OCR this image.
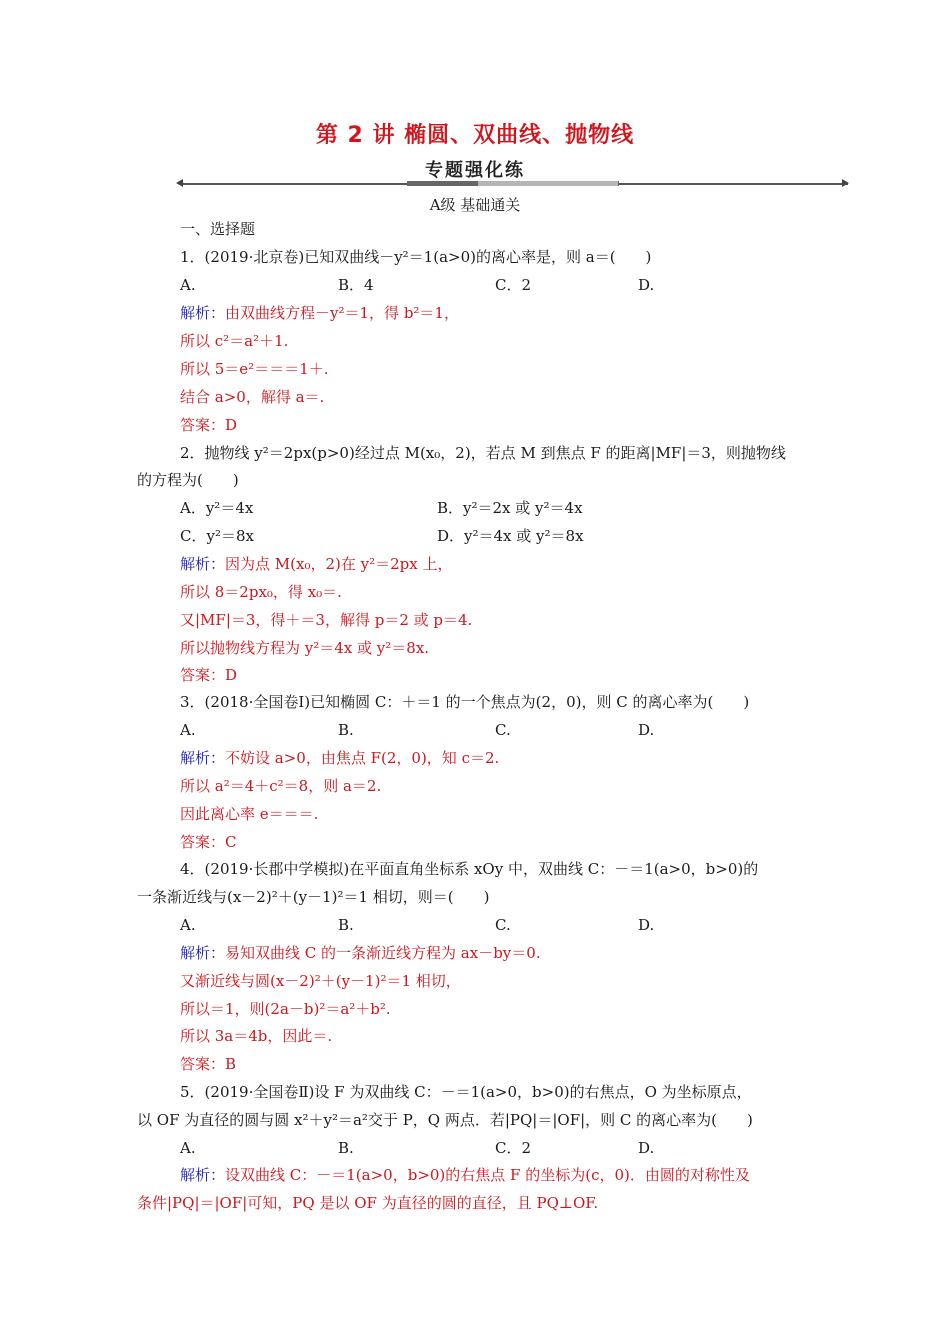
第 2 讲 椭圆、双曲线、抛物线
专题强化练
A级 基础通关
一、选择题
1．(2019·北京卷)已知双曲线－y²＝1(a>0)的离心率是，则 a＝(　　)
A.	B．4	C．2	D.
解析：由双曲线方程－y²＝1，得 b²＝1，
所以 c²＝a²＋1.
所以 5＝e²＝＝＝1＋.
结合 a>0，解得 a＝.
答案：D
2．抛物线 y²＝2px(p>0)经过点 M(x₀，2)，若点 M 到焦点 F 的距离|MF|＝3，则抛物线
的方程为(　　)
A．y²＝4x	B．y²＝2x 或 y²＝4x
C．y²＝8x	D．y²＝4x 或 y²＝8x
解析：因为点 M(x₀，2)在 y²＝2px 上，
所以 8＝2px₀，得 x₀＝.
又|MF|＝3，得＋＝3，解得 p＝2 或 p＝4.
所以抛物线方程为 y²＝4x 或 y²＝8x.
答案：D
3．(2018·全国卷Ⅰ)已知椭圆 C：＋＝1 的一个焦点为(2，0)，则 C 的离心率为(　　)
A.	B.	C.	D.
解析：不妨设 a>0，由焦点 F(2，0)，知 c＝2.
所以 a²＝4＋c²＝8，则 a＝2.
因此离心率 e＝＝＝.
答案：C
4．(2019·长郡中学模拟)在平面直角坐标系 xOy 中，双曲线 C：－＝1(a>0，b>0)的
一条渐近线与(x－2)²＋(y－1)²＝1 相切，则＝(　　)
A.	B.	C.	D.
解析：易知双曲线 C 的一条渐近线方程为 ax－by＝0.
又渐近线与圆(x－2)²＋(y－1)²＝1 相切，
所以＝1，则(2a－b)²＝a²＋b².
所以 3a＝4b，因此＝.
答案：B
5．(2019·全国卷Ⅱ)设 F 为双曲线 C：－＝1(a>0，b>0)的右焦点，O 为坐标原点，
以 OF 为直径的圆与圆 x²＋y²＝a²交于 P，Q 两点．若|PQ|＝|OF|，则 C 的离心率为(　　)
A.	B.	C．2	D.
解析：设双曲线 C：－＝1(a>0，b>0)的右焦点 F 的坐标为(c，0)．由圆的对称性及
条件|PQ|＝|OF|可知，PQ 是以 OF 为直径的圆的直径，且 PQ⊥OF.
